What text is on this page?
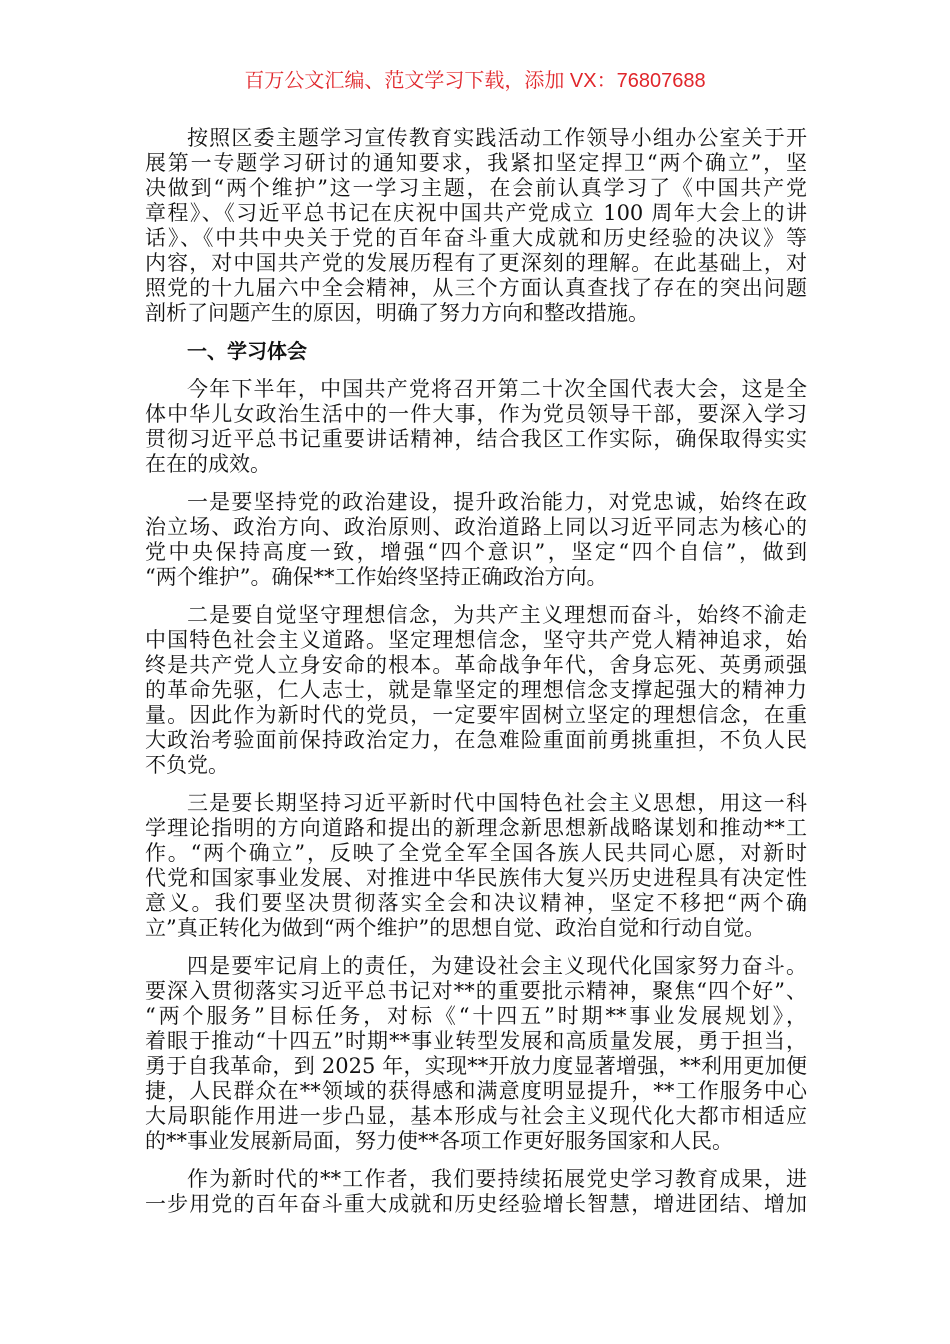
百万公文汇编、范文学习下载，添加 VX：76807688
按照区委主题学习宣传教育实践活动工作领导小组办公室关于开
展第一专题学习研讨的通知要求，我紧扣坚定捍卫“两个确立”，坚
决做到“两个维护”这一学习主题，在会前认真学习了《中国共产党
章程》、《习近平总书记在庆祝中国共产党成立 100 周年大会上的讲
话》、《中共中央关于党的百年奋斗重大成就和历史经验的决议》等
内容，对中国共产党的发展历程有了更深刻的理解。在此基础上，对
照党的十九届六中全会精神，从三个方面认真查找了存在的突出问题
剖析了问题产生的原因，明确了努力方向和整改措施。
一、学习体会
今年下半年，中国共产党将召开第二十次全国代表大会，这是全
体中华儿女政治生活中的一件大事，作为党员领导干部，要深入学习
贯彻习近平总书记重要讲话精神，结合我区工作实际，确保取得实实
在在的成效。
一是要坚持党的政治建设，提升政治能力，对党忠诚，始终在政
治立场、政治方向、政治原则、政治道路上同以习近平同志为核心的
党中央保持高度一致，增强“四个意识”，坚定“四个自信”，做到
“两个维护”。确保**工作始终坚持正确政治方向。
二是要自觉坚守理想信念，为共产主义理想而奋斗，始终不渝走
中国特色社会主义道路。坚定理想信念，坚守共产党人精神追求，始
终是共产党人立身安命的根本。革命战争年代，舍身忘死、英勇顽强
的革命先驱，仁人志士，就是靠坚定的理想信念支撑起强大的精神力
量。因此作为新时代的党员，一定要牢固树立坚定的理想信念，在重
大政治考验面前保持政治定力，在急难险重面前勇挑重担，不负人民
不负党。
三是要长期坚持习近平新时代中国特色社会主义思想，用这一科
学理论指明的方向道路和提出的新理念新思想新战略谋划和推动**工
作。“两个确立”，反映了全党全军全国各族人民共同心愿，对新时
代党和国家事业发展、对推进中华民族伟大复兴历史进程具有决定性
意义。我们要坚决贯彻落实全会和决议精神，坚定不移把“两个确
立”真正转化为做到“两个维护”的思想自觉、政治自觉和行动自觉。
四是要牢记肩上的责任，为建设社会主义现代化国家努力奋斗。
要深入贯彻落实习近平总书记对**的重要批示精神，聚焦“四个好”、
“两个服务”目标任务，对标《“十四五”时期**事业发展规划》，
着眼于推动“十四五”时期**事业转型发展和高质量发展，勇于担当，
勇于自我革命，到 2025 年，实现**开放力度显著增强，**利用更加便
捷，人民群众在**领域的获得感和满意度明显提升，**工作服务中心
大局职能作用进一步凸显，基本形成与社会主义现代化大都市相适应
的**事业发展新局面，努力使**各项工作更好服务国家和人民。
作为新时代的**工作者，我们要持续拓展党史学习教育成果，进
一步用党的百年奋斗重大成就和历史经验增长智慧，增进团结、增加
